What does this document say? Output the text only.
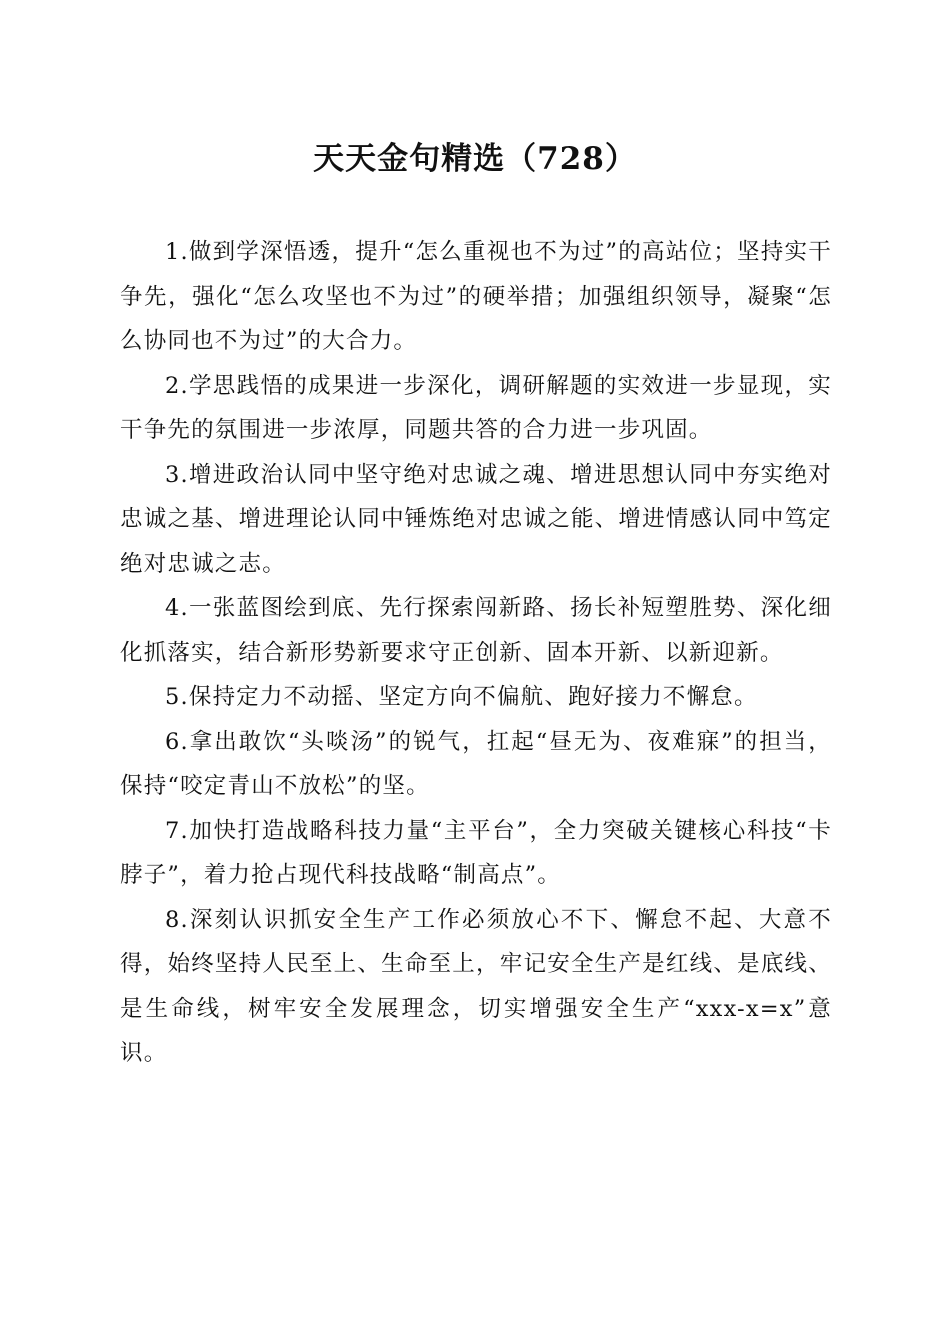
天天金句精选（728）

1.做到学深悟透，提升“怎么重视也不为过”的高站位；坚持实干争先，强化“怎么攻坚也不为过”的硬举措；加强组织领导，凝聚“怎么协同也不为过”的大合力。

2.学思践悟的成果进一步深化，调研解题的实效进一步显现，实干争先的氛围进一步浓厚，同题共答的合力进一步巩固。

3.增进政治认同中坚守绝对忠诚之魂、增进思想认同中夯实绝对忠诚之基、增进理论认同中锤炼绝对忠诚之能、增进情感认同中笃定绝对忠诚之志。

4.一张蓝图绘到底、先行探索闯新路、扬长补短塑胜势、深化细化抓落实，结合新形势新要求守正创新、固本开新、以新迎新。

5.保持定力不动摇、坚定方向不偏航、跑好接力不懈怠。

6.拿出敢饮“头啖汤”的锐气，扛起“昼无为、夜难寐”的担当，保持“咬定青山不放松”的坚。

7.加快打造战略科技力量“主平台”，全力突破关键核心科技“卡脖子”，着力抢占现代科技战略“制高点”。

8.深刻认识抓安全生产工作必须放心不下、懈怠不起、大意不得，始终坚持人民至上、生命至上，牢记安全生产是红线、是底线、是生命线，树牢安全发展理念，切实增强安全生产“xxx-x=x”意识。
